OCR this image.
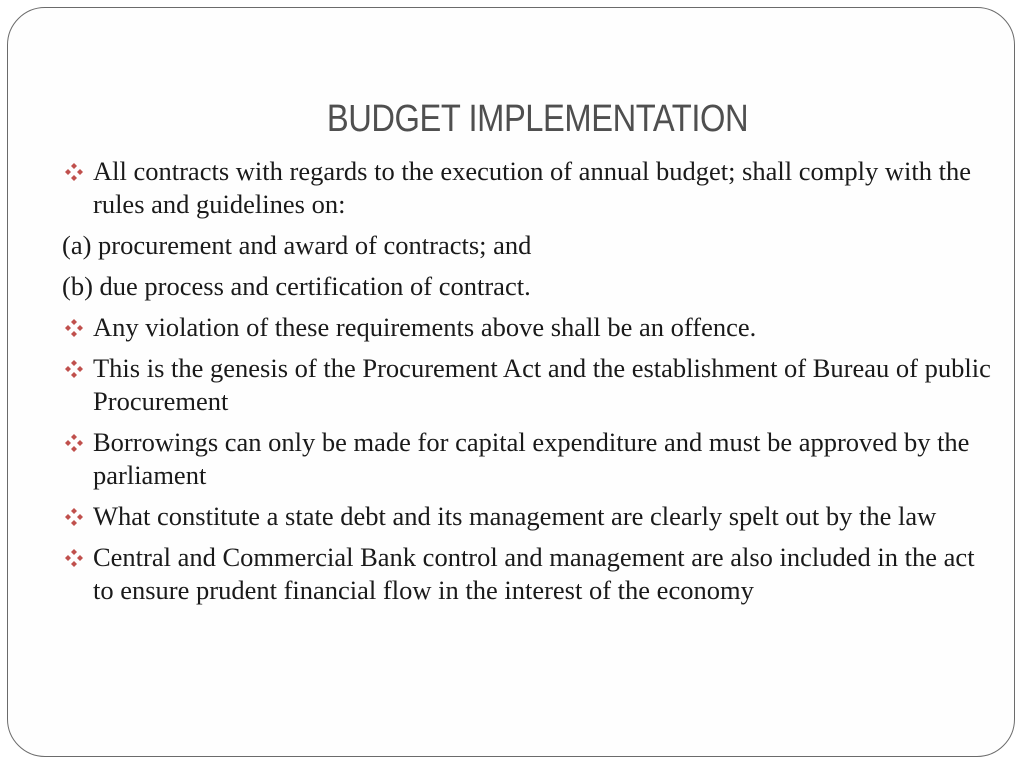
BUDGET IMPLEMENTATION
All contracts with regards to the execution of annual budget; shall comply with the rules and guidelines on:
(a) procurement and award of contracts; and
(b) due process and certification of contract.
Any violation of these requirements above shall be an offence.
This is the genesis of the Procurement Act and the establishment of Bureau of public Procurement
Borrowings can only be made for capital expenditure and must be approved by the parliament
What constitute a state debt and its management are clearly spelt out by the law
Central and Commercial Bank control and management are also included in the act to ensure prudent financial flow in the interest of the economy
